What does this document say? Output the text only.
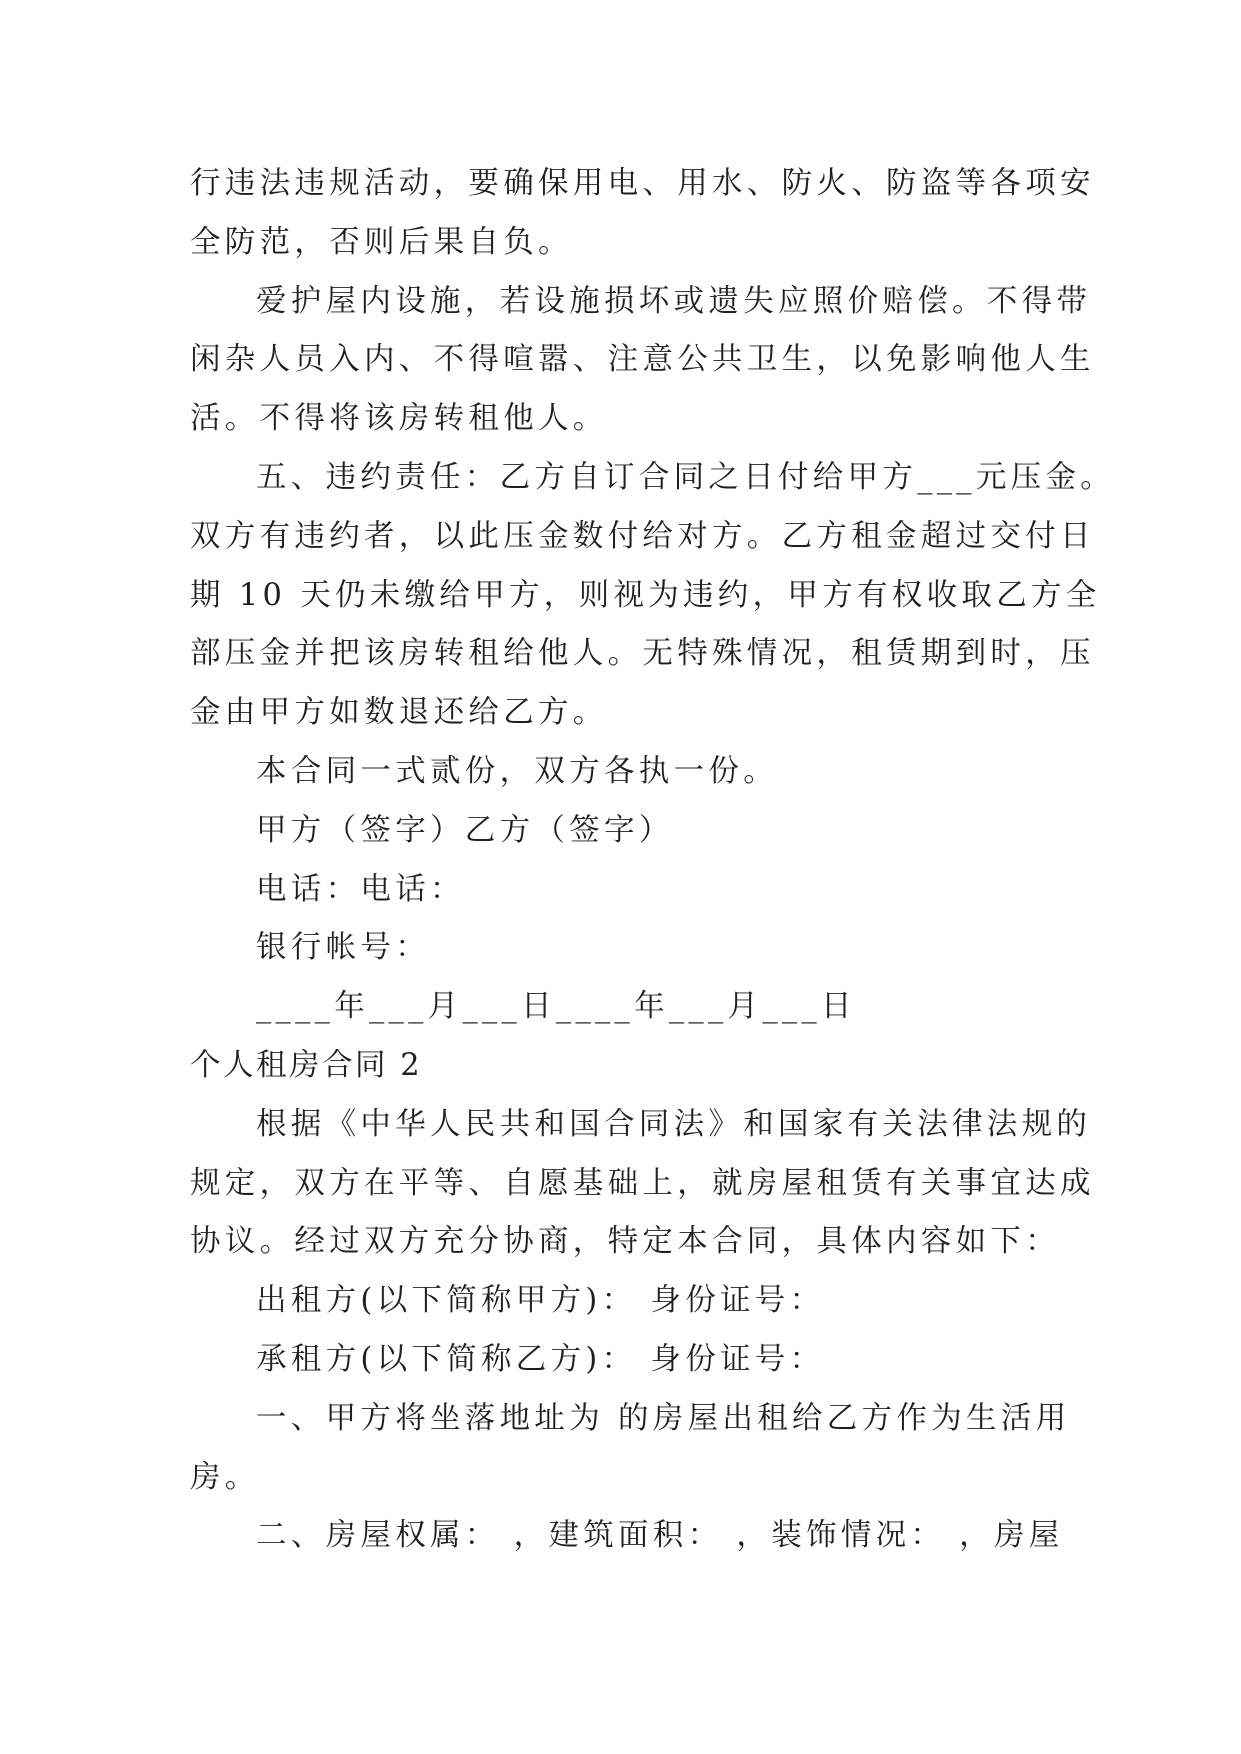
行违法违规活动，要确保用电、用水、防火、防盗等各项安
全防范，否则后果自负。
爱护屋内设施，若设施损坏或遗失应照价赔偿。不得带
闲杂人员入内、不得喧嚣、注意公共卫生，以免影响他人生
活。不得将该房转租他人。
五、违约责任：乙方自订合同之日付给甲方___元压金。
双方有违约者，以此压金数付给对方。乙方租金超过交付日
期 10 天仍未缴给甲方，则视为违约，甲方有权收取乙方全
部压金并把该房转租给他人。无特殊情况，租赁期到时，压
金由甲方如数退还给乙方。
本合同一式贰份，双方各执一份。
甲方（签字）乙方（签字）
电话：电话：
银行帐号：
____年___月___日____年___月___日
个人租房合同 2
根据《中华人民共和国合同法》和国家有关法律法规的
规定，双方在平等、自愿基础上，就房屋租赁有关事宜达成
协议。经过双方充分协商，特定本合同，具体内容如下：
出租方(以下简称甲方)： 身份证号：
承租方(以下简称乙方)： 身份证号：
一、甲方将坐落地址为 的房屋出租给乙方作为生活用
房。
二、房屋权属： ，建筑面积： ，装饰情况： ，房屋
